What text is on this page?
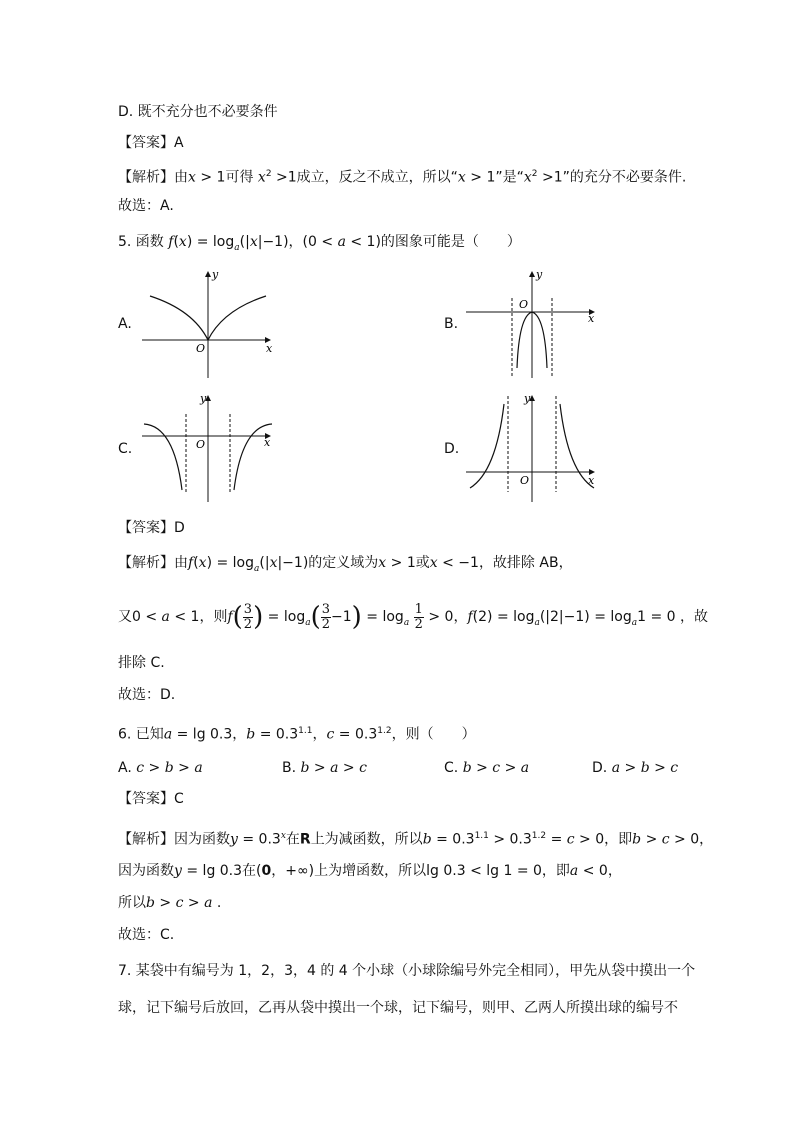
D. 既不充分也不必要条件
【答案】A
【解析】由x > 1可得 $x^2 >1$成立，反之不成立，所以“x > 1”是“$x^2 >1$”的充分不必要条件.
故选：A.
5. 函数 $f(x) = \log_a(|x|-1)$，(0 < a < 1)的图象可能是（　　）
A.	B.
C.	D.
y
x
O
y
x
O
y
x
O
y
x
O
【答案】D
【解析】由$f(x) = \log_a(|x|-1)$的定义域为x > 1或x < −1，故排除 AB，
又0 < a < 1，则$f( \frac{3}{2}$ ) = $\log_a( \frac{3}{2} -1) = \log_a \frac{1}{2} > 0$，$f(2) = \log_a(|2|-1) = \log_a1 = 0$ ，故
排除 C.
故选：D.
6. 已知a = lg 0.3，$b = 0.3^{1.1}$，$c = 0.3^{1.2}$，则（　　）
A. c > b > a	B. b > a > c	C. b > c > a	D. a > b > c
【答案】C
【解析】因为函数$y = 0.3^x$在R上为减函数，所以$b = 0.3^{1.1} > 0.3^{1.2} = c > 0$，即b > c > 0，
因为函数y = lg 0.3在(0，+∞)上为增函数，所以lg 0.3 < lg 1 = 0，即a < 0，
所以b > c > a .
故选：C.
7. 某袋中有编号为 1，2，3，4 的 4 个小球（小球除编号外完全相同），甲先从袋中摸出一个
球，记下编号后放回，乙再从袋中摸出一个球，记下编号，则甲、乙两人所摸出球的编号不
